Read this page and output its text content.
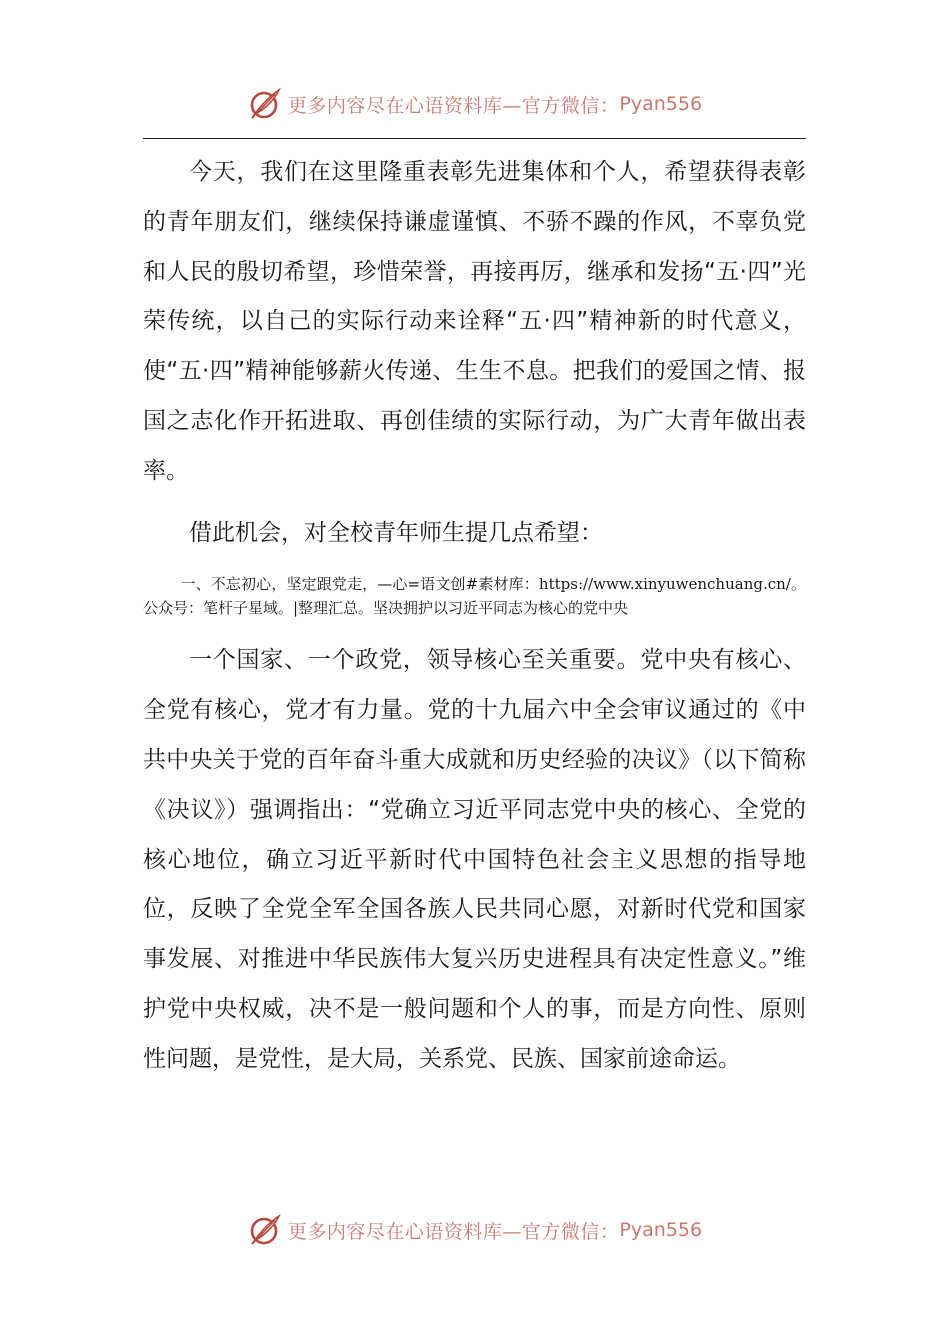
更多内容尽在心语资料库—官方微信： Pyan556

今天，我们在这里隆重表彰先进集体和个人，希望获得表彰的青年朋友们，继续保持谦虚谨慎、不骄不躁的作风，不辜负党和人民的殷切希望，珍惜荣誉，再接再厉，继承和发扬“五·四”光荣传统，以自己的实际行动来诠释“五·四”精神新的时代意义，使“五·四”精神能够薪火传递、生生不息。把我们的爱国之情、报国之志化作开拓进取、再创佳绩的实际行动，为广大青年做出表率。

借此机会，对全校青年师生提几点希望：

一、不忘初心，坚定跟党走，—心=语文创#素材库：https://www.xinyuwenchuang.cn/。公众号：笔杆子星域。|整理汇总。坚决拥护以习近平同志为核心的党中央

一个国家、一个政党，领导核心至关重要。党中央有核心、全党有核心，党才有力量。党的十九届六中全会审议通过的《中共中央关于党的百年奋斗重大成就和历史经验的决议》（以下简称《决议》）强调指出：“党确立习近平同志党中央的核心、全党的核心地位，确立习近平新时代中国特色社会主义思想的指导地位，反映了全党全军全国各族人民共同心愿，对新时代党和国家事发展、对推进中华民族伟大复兴历史进程具有决定性意义。”维护党中央权威，决不是一般问题和个人的事，而是方向性、原则性问题，是党性，是大局，关系党、民族、国家前途命运。

更多内容尽在心语资料库—官方微信： Pyan556
